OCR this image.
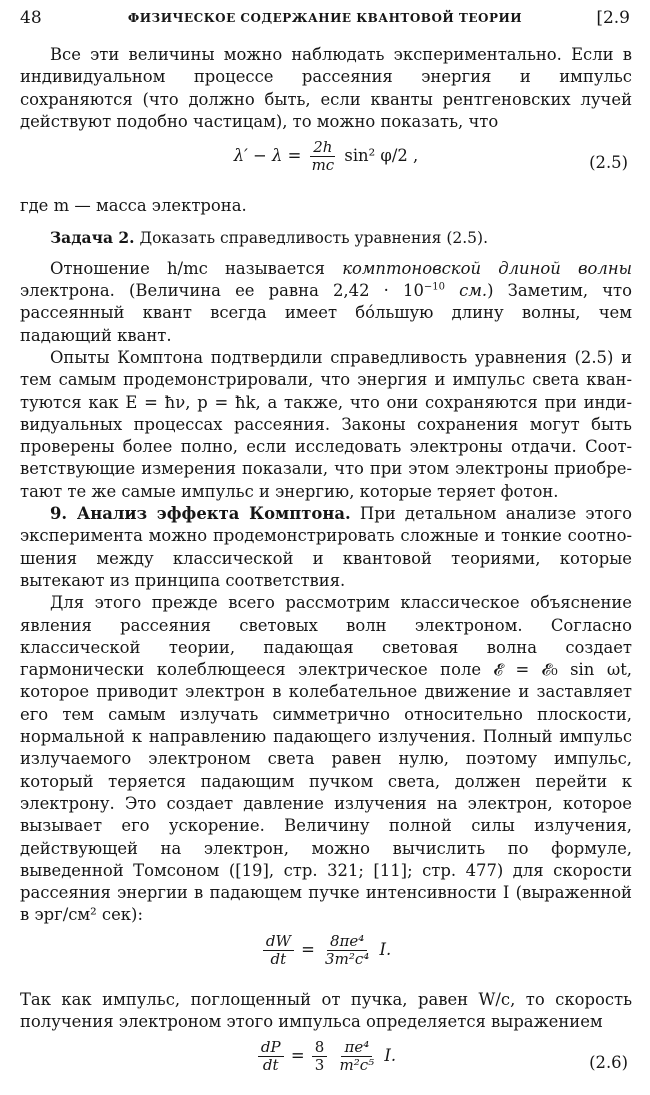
48	ФИЗИЧЕСКОЕ СОДЕРЖАНИЕ КВАНТОВОЙ ТЕОРИИ	[2.9

Все эти величины можно наблюдать экспериментально. Если в индивидуальном процессе рассеяния энергия и импульс сохраняются (что должно быть, если кванты рентгеновских лучей действуют подобно частицам), то можно показать, что

$\lambda' - \lambda = \frac{2h}{mc} \sin^2$ φ/2 ,	(2.5)

где m — масса электрона.

Задача 2. Доказать справедливость уравнения (2.5).

Отношение h/mc называется комптоновской длиной волны электрона. (Величина ее равна $2,42 \cdot 10^{-10}$ см.) Заметим, что рассеянный квант всегда имеет бо́льшую длину волны, чем падающий квант.

Опыты Комптона подтвердили справедливость уравнения (2.5) и тем самым продемонстрировали, что энергия и импульс света квантуются как E = ħν, p = ħk, а также, что они сохраняются при индивидуальных процессах рассеяния. Законы сохранения могут быть проверены более полно, если исследовать электроны отдачи. Соответствующие измерения показали, что при этом электроны приобретают те же самые импульс и энергию, которые теряет фотон.

9. Анализ эффекта Комптона. При детальном анализе этого эксперимента можно продемонстрировать сложные и тонкие соотношения между классической и квантовой теориями, которые вытекают из принципа соответствия.

Для этого прежде всего рассмотрим классическое объяснение явления рассеяния световых волн электроном. Согласно классической теории, падающая световая волна создает гармонически колеблющееся электрическое поле 𝓔 = 𝓔₀ sin ωt, которое приводит электрон в колебательное движение и заставляет его тем самым излучать симметрично относительно плоскости, нормальной к направлению падающего излучения. Полный импульс излучаемого электроном света равен нулю, поэтому импульс, который теряется падающим пучком света, должен перейти к электрону. Это создает давление излучения на электрон, которое вызывает его ускорение. Величину полной силы излучения, действующей на электрон, можно вычислить по формуле, выведенной Томсоном ([19], стр. 321; [11]; стр. 477) для скорости рассеяния энергии в падающем пучке интенсивности I (выраженной в эрг/см² сек):

$\frac{dW}{dt} = \frac{\text{8πe⁴}}{\text{3m²c⁴}} I$.

Так как импульс, поглощенный от пучка, равен W/c, то скорость получения электроном этого импульса определяется выражением

$\frac{dP}{dt} = \frac{8}{3}$
$\frac{\text{πe⁴}}{\text{m²c⁵}} I$.	(2.6)
